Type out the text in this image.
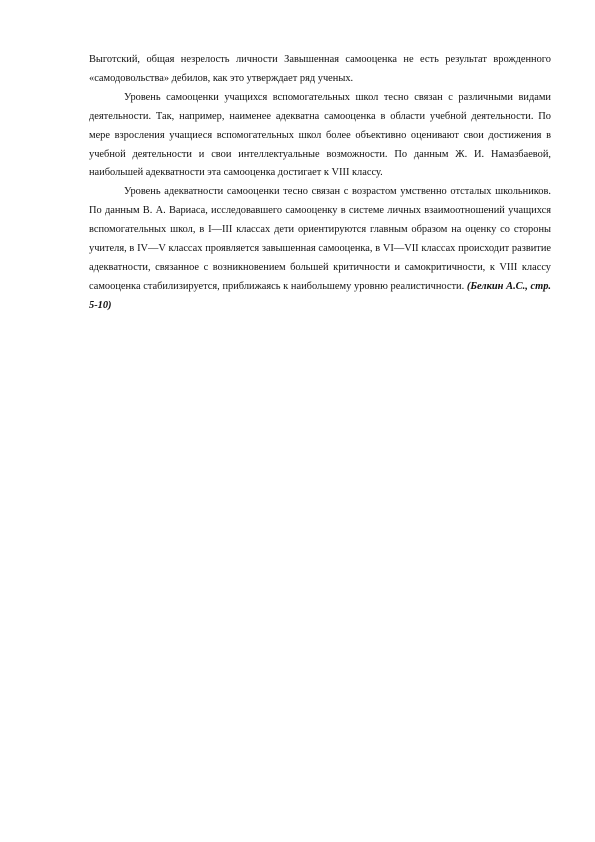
Выготский, общая незрелость личности Завышенная самооценка не есть результат врожденного «самодовольства» дебилов, как это утверждает ряд ученых.

Уровень самооценки учащихся вспомогательных школ тесно связан с различными видами деятельности. Так, например, наименее адекватна самооценка в области учебной деятельности. По мере взросления учащиеся вспомогательных школ более объективно оценивают свои достижения в учебной деятельности и свои интеллектуальные возможности. По данным Ж. И. Намазбаевой, наибольшей адекватности эта самооценка достигает к VIII классу.

Уровень адекватности самооценки тесно связан с возрастом умственно отсталых школьников. По данным В. А. Вариаса, исследовавшего самооценку в системе личных взаимоотношений учащихся вспомогательных школ, в I—III классах дети ориентируются главным образом на оценку со стороны учителя, в IV—V классах проявляется завышенная самооценка, в VI—VII классах происходит развитие адекватности, связанное с возникновением большей критичности и самокритичности, к VIII классу самооценка стабилизируется, приближаясь к наибольшему уровню реалистичности. (Белкин А.С., стр. 5-10)
